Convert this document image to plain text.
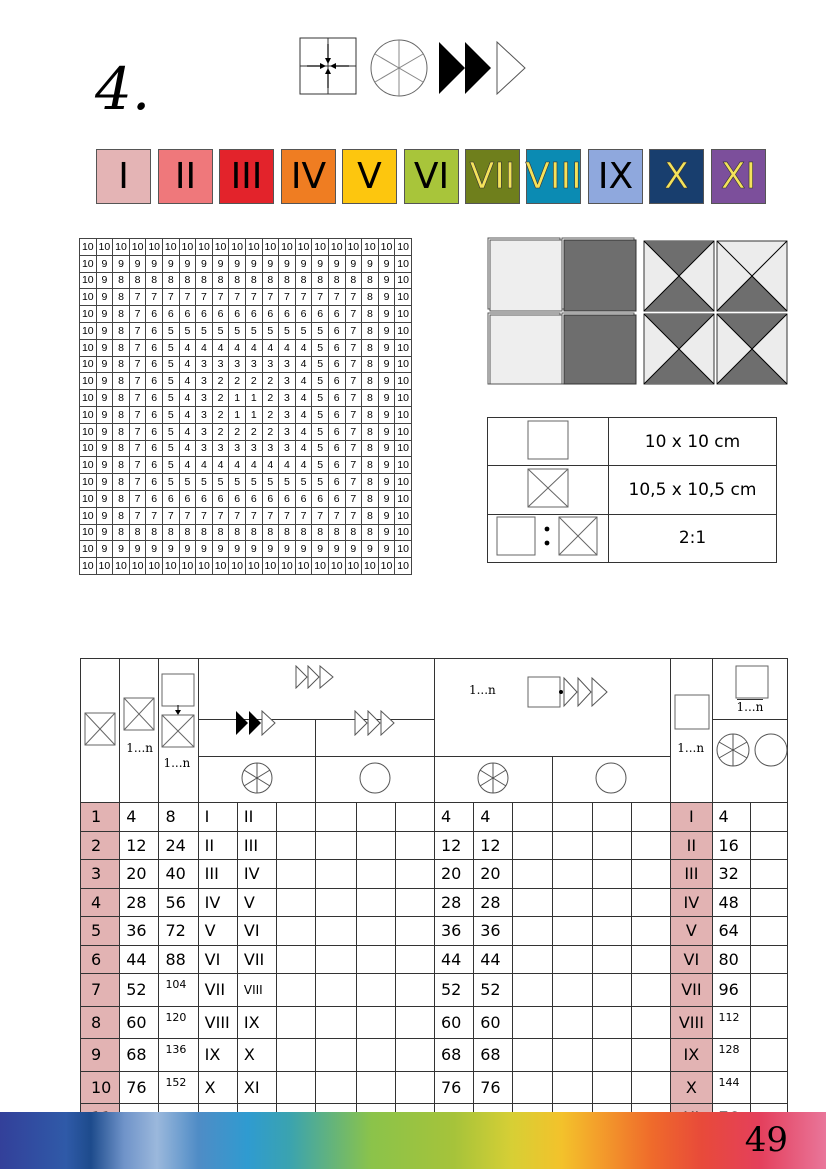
4.
I	II III IV V VI VII VIII IX X XI
10	10	10	10	10	10	10	10	10	10	10	10	10	10	10	10	10	10	10	10
10	9	9	9	9	9	9	9	9	9	9	9	9	9	9	9	9	9	9	10
10	9	8	8	8	8	8	8	8	8	8	8	8	8	8	8	8	8	9	10
10	9	8	7	7	7	7	7	7	7	7	7	7	7	7	7	7	8	9	10
10	9	8	7	6	6	6	6	6	6	6	6	6	6	6	6	7	8	9	10
10	9	8	7	6	5	5	5	5	5	5	5	5	5	5	6	7	8	9	10
10	9	8	7	6	5	4	4	4	4	4	4	4	4	5	6	7	8	9	10
10	9	8	7	6	5	4	3	3	3	3	3	3	4	5	6	7	8	9	10
10	9	8	7	6	5	4	3	2	2	2	2	3	4	5	6	7	8	9	10
10	9	8	7	6	5	4	3	2	1	1	2	3	4	5	6	7	8	9	10
10	9	8	7	6	5	4	3	2	1	1	2	3	4	5	6	7	8	9	10
10	9	8	7	6	5	4	3	2	2	2	2	3	4	5	6	7	8	9	10
10	9	8	7	6	5	4	3	3	3	3	3	3	4	5	6	7	8	9	10
10	9	8	7	6	5	4	4	4	4	4	4	4	4	5	6	7	8	9	10
10	9	8	7	6	5	5	5	5	5	5	5	5	5	5	6	7	8	9	10
10	9	8	7	6	6	6	6	6	6	6	6	6	6	6	6	7	8	9	10
10	9	8	7	7	7	7	7	7	7	7	7	7	7	7	7	7	8	9	10
10	9	8	8	8	8	8	8	8	8	8	8	8	8	8	8	8	8	9	10
10	9	9	9	9	9	9	9	9	9	9	9	9	9	9	9	9	9	9	10
10	10	10	10	10	10	10	10	10	10	10	10	10	10	10	10	10	10	10	10
	10 x 10 cm
	10,5 x 10,5 cm
	2:1

1...n	1...n							1...n						1...n	1...n	

1	4	8	I	II					4	4					I	4	
2	12	24	II	III					12	12					II	16	
3	20	40	III	IV					20	20					III	32	
4	28	56	IV	V					28	28					IV	48	
5	36	72	V	VI					36	36					V	64	
6	44	88	VI	VII					44	44					VI	80	
7	52	104	VII	VIII					52	52					VII	96	
8	60	120	VIII	IX					60	60					VIII	112	
9	68	136	IX	X					68	68					IX	128	
10	76	152	X	XI					76	76					X	144	

49
